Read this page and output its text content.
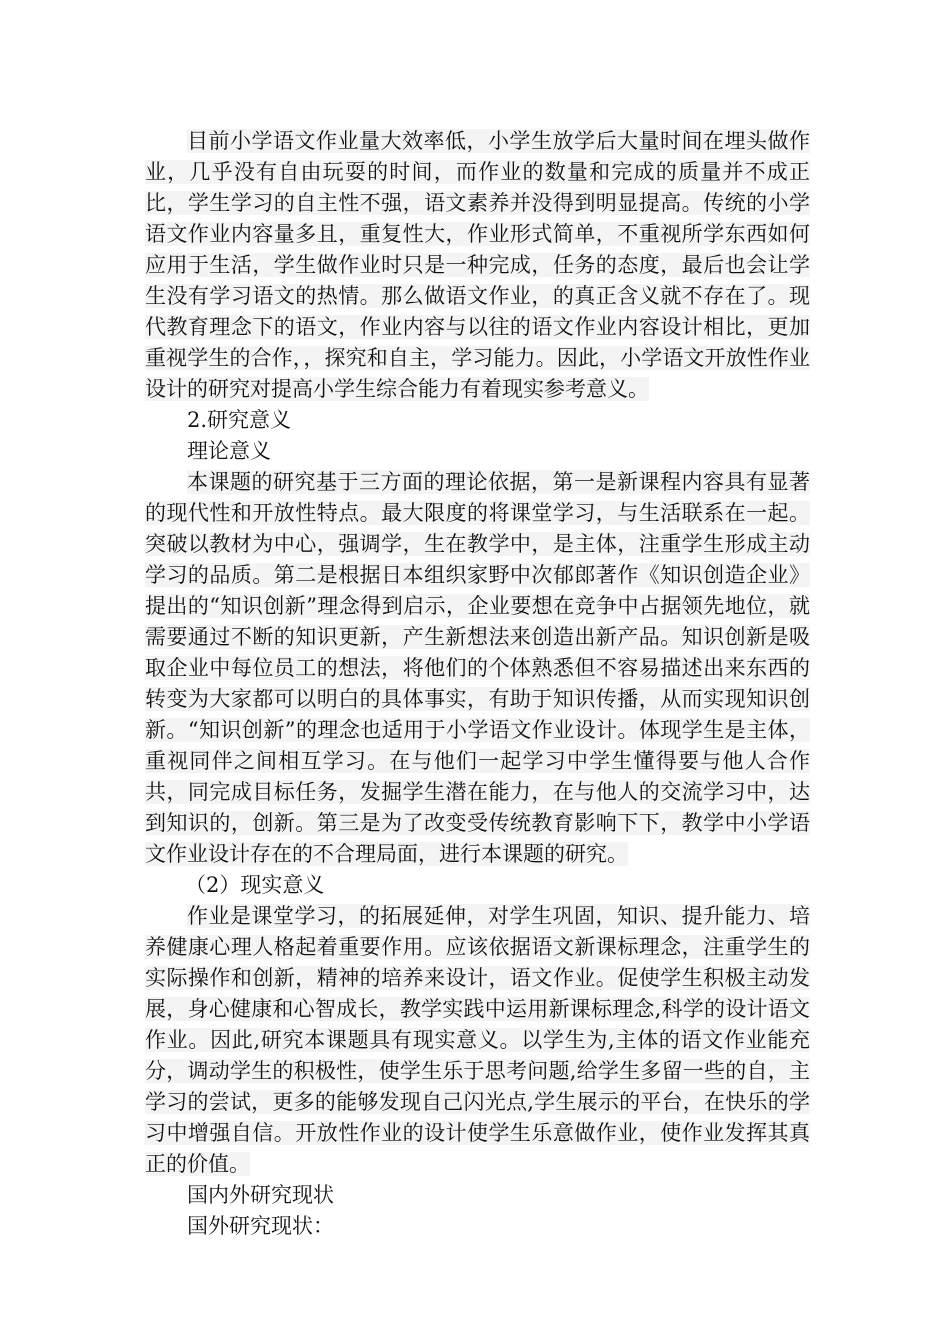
目前小学语文作业量大效率低，小学生放学后大量时间在埋头做作业，几乎没有自由玩耍的时间，而作业的数量和完成的质量并不成正比，学生学习的自主性不强，语文素养并没得到明显提高。传统的小学语文作业内容量多且，重复性大，作业形式简单，不重视所学东西如何应用于生活，学生做作业时只是一种完成，任务的态度，最后也会让学生没有学习语文的热情。那么做语文作业，的真正含义就不存在了。现代教育理念下的语文，作业内容与以往的语文作业内容设计相比，更加重视学生的合作，，探究和自主，学习能力。因此，小学语文开放性作业设计的研究对提高小学生综合能力有着现实参考意义。

2.研究意义

理论意义

本课题的研究基于三方面的理论依据，第一是新课程内容具有显著的现代性和开放性特点。最大限度的将课堂学习，与生活联系在一起。突破以教材为中心，强调学，生在教学中，是主体，注重学生形成主动学习的品质。第二是根据日本组织家野中次郁郎著作《知识创造企业》提出的“知识创新”理念得到启示，企业要想在竞争中占据领先地位，就需要通过不断的知识更新，产生新想法来创造出新产品。知识创新是吸取企业中每位员工的想法，将他们的个体熟悉但不容易描述出来东西的转变为大家都可以明白的具体事实，有助于知识传播，从而实现知识创新。“知识创新”的理念也适用于小学语文作业设计。体现学生是主体，重视同伴之间相互学习。在与他们一起学习中学生懂得要与他人合作共，同完成目标任务，发掘学生潜在能力，在与他人的交流学习中，达到知识的，创新。第三是为了改变受传统教育影响下下，教学中小学语文作业设计存在的不合理局面，进行本课题的研究。

（2）现实意义

作业是课堂学习，的拓展延伸，对学生巩固，知识、提升能力、培养健康心理人格起着重要作用。应该依据语文新课标理念，注重学生的实际操作和创新，精神的培养来设计，语文作业。促使学生积极主动发展，身心健康和心智成长，教学实践中运用新课标理念,科学的设计语文作业。因此,研究本课题具有现实意义。以学生为,主体的语文作业能充分，调动学生的积极性，使学生乐于思考问题,给学生多留一些的自，主学习的尝试，更多的能够发现自己闪光点,学生展示的平台，在快乐的学习中增强自信。开放性作业的设计使学生乐意做作业，使作业发挥其真正的价值。

国内外研究现状

国外研究现状：
